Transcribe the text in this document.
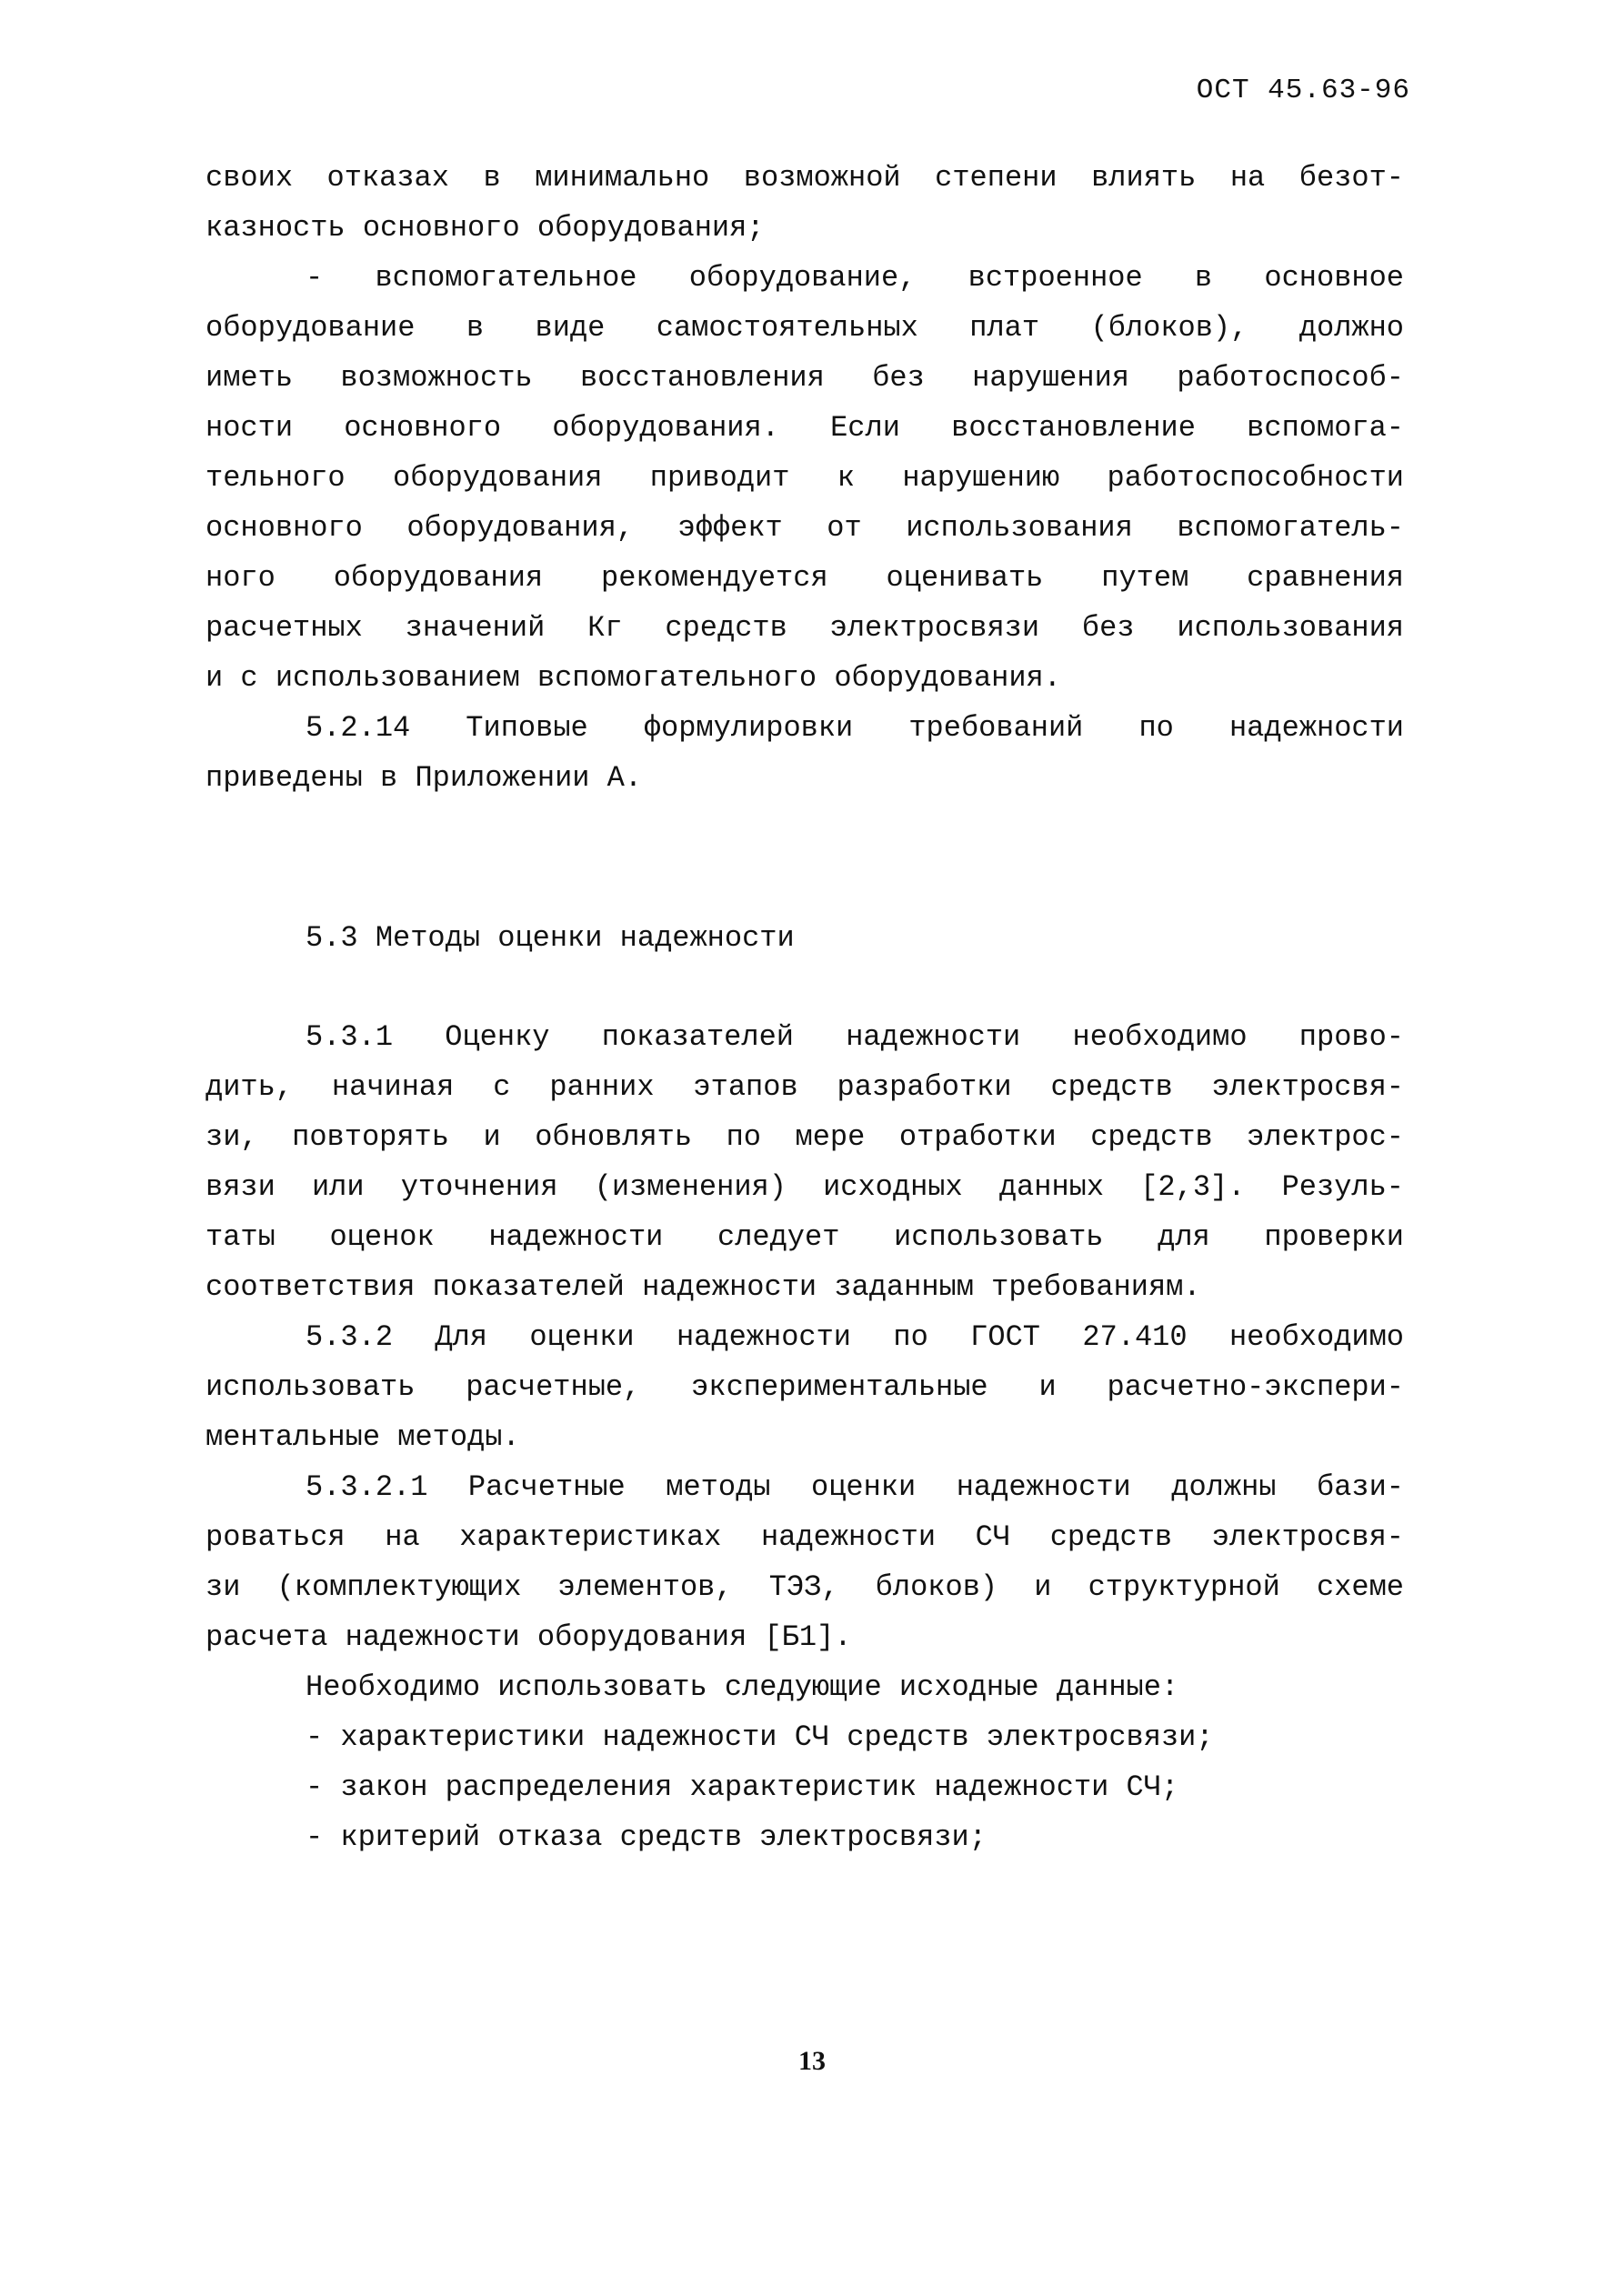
ОСТ 45.63-96
своих отказах в минимально возможной степени влиять на безот-
казность основного оборудования;
- вспомогательное оборудование, встроенное в основное
оборудование в виде самостоятельных плат (блоков), должно
иметь возможность восстановления без нарушения работоспособ-
ности основного оборудования. Если восстановление вспомога-
тельного оборудования приводит к нарушению работоспособности
основного оборудования, эффект от использования вспомогатель-
ного оборудования рекомендуется оценивать путем сравнения
расчетных значений Кг средств электросвязи без использования
и с использованием вспомогательного оборудования.
5.2.14 Типовые формулировки требований по надежности
приведены в Приложении А.
5.3 Методы оценки надежности
5.3.1 Оценку показателей надежности необходимо прово-
дить, начиная с ранних этапов разработки средств электросвя-
зи, повторять и обновлять по мере отработки средств электрос-
вязи или уточнения (изменения) исходных данных [2,3]. Резуль-
таты оценок надежности следует использовать для проверки
соответствия показателей надежности заданным требованиям.
5.3.2 Для оценки надежности по ГОСТ 27.410 необходимо
использовать расчетные, экспериментальные и расчетно-экспери-
ментальные методы.
5.3.2.1 Расчетные методы оценки надежности должны бази-
роваться на характеристиках надежности СЧ средств электросвя-
зи (комплектующих элементов, ТЭЗ, блоков) и структурной схеме
расчета надежности оборудования [Б1].
Необходимо использовать следующие исходные данные:
- характеристики надежности СЧ средств электросвязи;
- закон распределения характеристик надежности СЧ;
- критерий отказа средств электросвязи;
13
